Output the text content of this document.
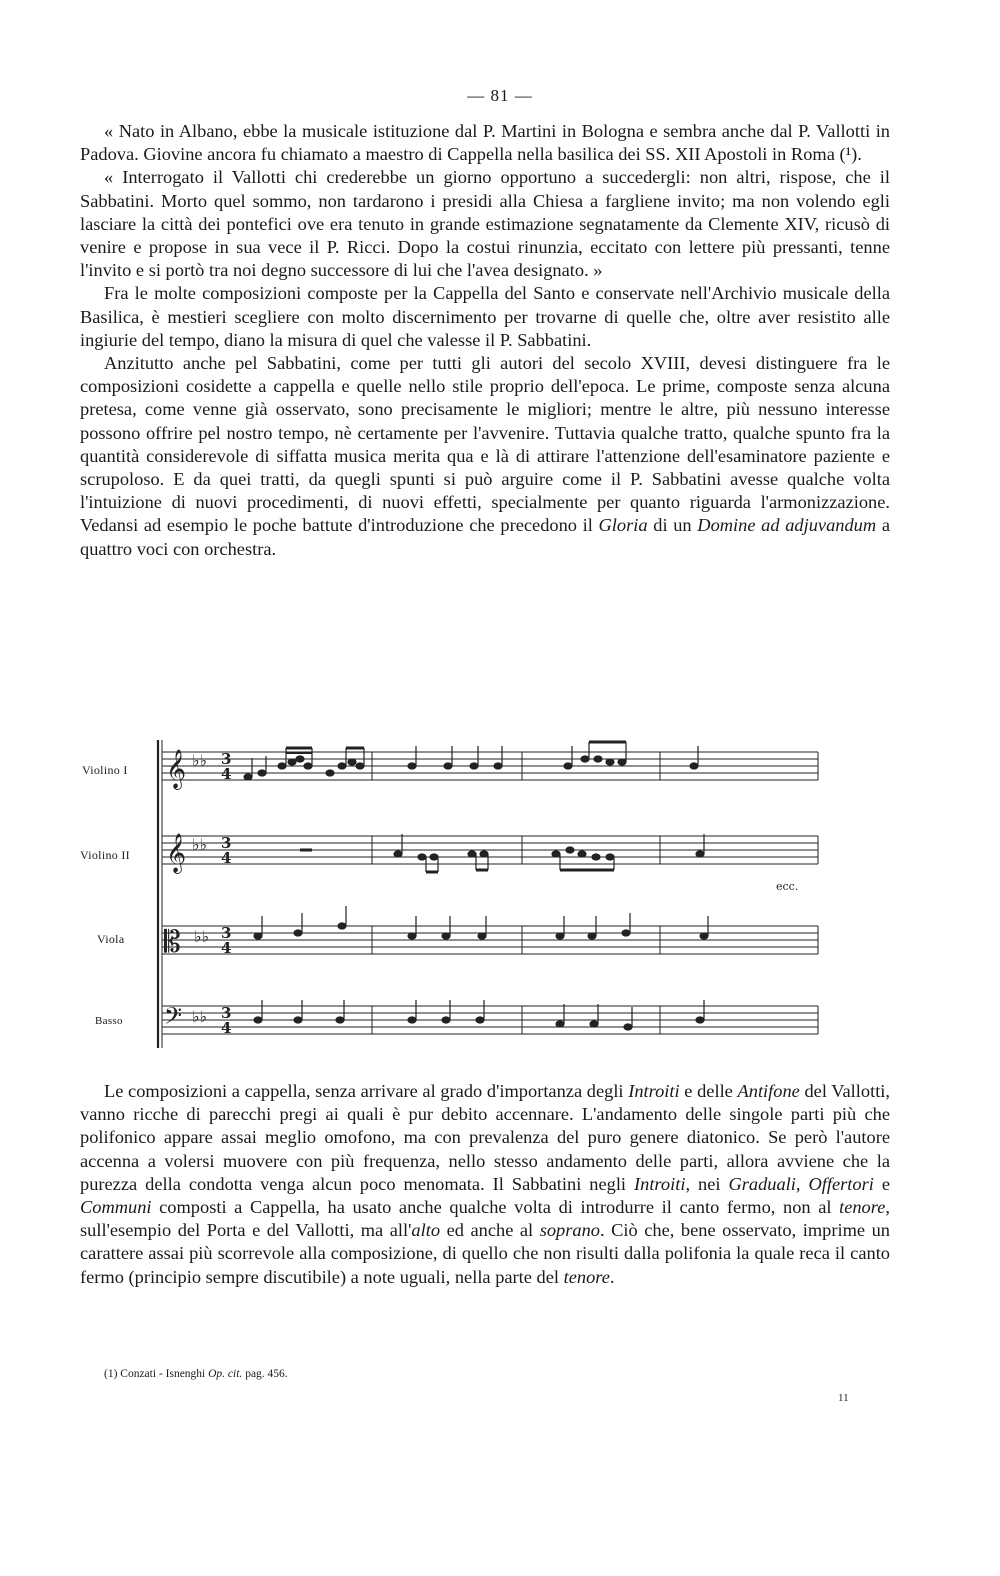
— 81 —

« Nato in Albano, ebbe la musicale istituzione dal P. Martini in Bologna e sembra anche dal P. Vallotti in Padova. Giovine ancora fu chiamato a maestro di Cappella nella basilica dei SS. XII Apostoli in Roma (¹).

« Interrogato il Vallotti chi crederebbe un giorno opportuno a succedergli: non altri, rispose, che il Sabbatini. Morto quel sommo, non tardarono i presidi alla Chiesa a fargliene invito; ma non volendo egli lasciare la città dei pontefici ove era tenuto in grande estimazione segnatamente da Clemente XIV, ricusò di venire e propose in sua vece il P. Ricci. Dopo la costui rinunzia, eccitato con lettere più pressanti, tenne l'invito e si portò tra noi degno successore di lui che l'avea designato. »

Fra le molte composizioni composte per la Cappella del Santo e conservate nell'Archivio musicale della Basilica, è mestieri scegliere con molto discernimento per trovarne di quelle che, oltre aver resistito alle ingiurie del tempo, diano la misura di quel che valesse il P. Sabbatini.

Anzitutto anche pel Sabbatini, come per tutti gli autori del secolo XVIII, devesi distinguere fra le composizioni cosidette a cappella e quelle nello stile proprio dell'epoca. Le prime, composte senza alcuna pretesa, come venne già osservato, sono precisamente le migliori; mentre le altre, più nessuno interesse possono offrire pel nostro tempo, nè certamente per l'avvenire. Tuttavia qualche tratto, qualche spunto fra la quantità considerevole di siffatta musica merita qua e là di attirare l'attenzione dell'esaminatore paziente e scrupoloso. E da quei tratti, da quegli spunti si può arguire come il P. Sabbatini avesse qualche volta l'intuizione di nuovi procedimenti, di nuovi effetti, specialmente per quanto riguarda l'armonizzazione. Vedansi ad esempio le poche battute d'introduzione che precedono il Gloria di un Domine ad adjuvandum a quattro voci con orchestra.

Violino I
Violino II
Viola
Basso
𝄞
𝄞
𝄡
𝄢
♭♭
♭♭
♭♭
♭♭
3
4
3
4
3
4
3
4
ecc.

Le composizioni a cappella, senza arrivare al grado d'importanza degli Introiti e delle Antifone del Vallotti, vanno ricche di parecchi pregi ai quali è pur debito accennare. L'andamento delle singole parti più che polifonico appare assai meglio omofono, ma con prevalenza del puro genere diatonico. Se però l'autore accenna a volersi muovere con più frequenza, nello stesso andamento delle parti, allora avviene che la purezza della condotta venga alcun poco menomata. Il Sabbatini negli Introiti, nei Graduali, Offertori e Communi composti a Cappella, ha usato anche qualche volta di introdurre il canto fermo, non al tenore, sull'esempio del Porta e del Vallotti, ma all'alto ed anche al soprano. Ciò che, bene osservato, imprime un carattere assai più scorrevole alla composizione, di quello che non risulti dalla polifonia la quale reca il canto fermo (principio sempre discutibile) a note uguali, nella parte del tenore.

(1) Conzati - Isnenghi Op. cit. pag. 456.
11
